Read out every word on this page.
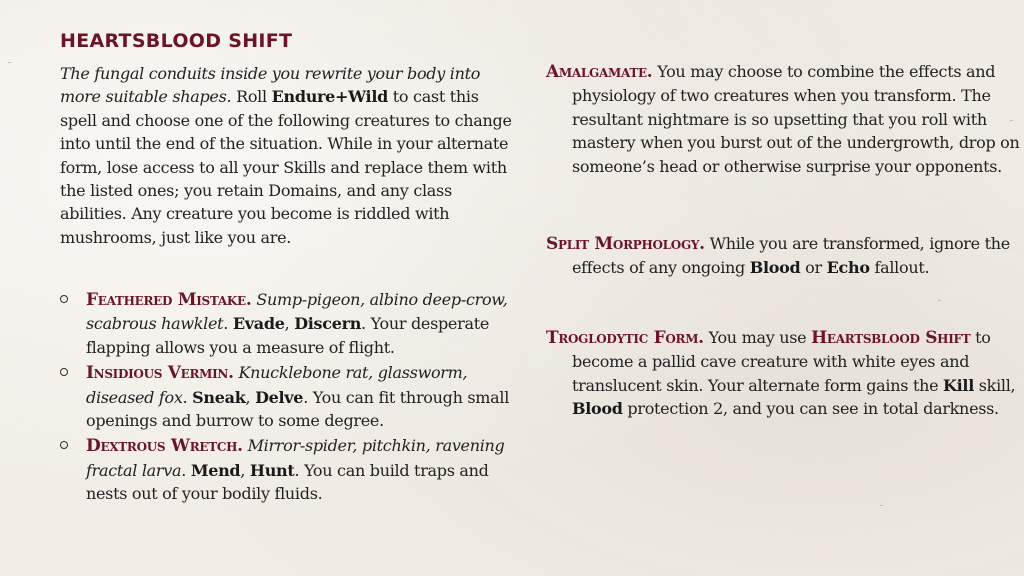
HEARTSBLOOD SHIFT
The fungal conduits inside you rewrite your body into more suitable shapes. Roll Endure+Wild to cast this spell and choose one of the following creatures to change into until the end of the situation. While in your alternate form, lose access to all your Skills and replace them with the listed ones; you retain Domains, and any class abilities. Any creature you become is riddled with mushrooms, just like you are.
Feathered Mistake. Sump-pigeon, albino deep-crow, scabrous hawklet. Evade, Discern. Your desperate flapping allows you a measure of flight.
Insidious Vermin. Knucklebone rat, glassworm, diseased fox. Sneak, Delve. You can fit through small openings and burrow to some degree.
Dextrous Wretch. Mirror-spider, pitchkin, ravening fractal larva. Mend, Hunt. You can build traps and nests out of your bodily fluids.
Amalgamate. You may choose to combine the effects and physiology of two creatures when you transform. The resultant nightmare is so upsetting that you roll with mastery when you burst out of the undergrowth, drop on someone’s head or otherwise surprise your opponents.
Split Morphology. While you are transformed, ignore the effects of any ongoing Blood or Echo fallout.
Troglodytic Form. You may use Heartsblood Shift to become a pallid cave creature with white eyes and translucent skin. Your alternate form gains the Kill skill, Blood protection 2, and you can see in total darkness.
